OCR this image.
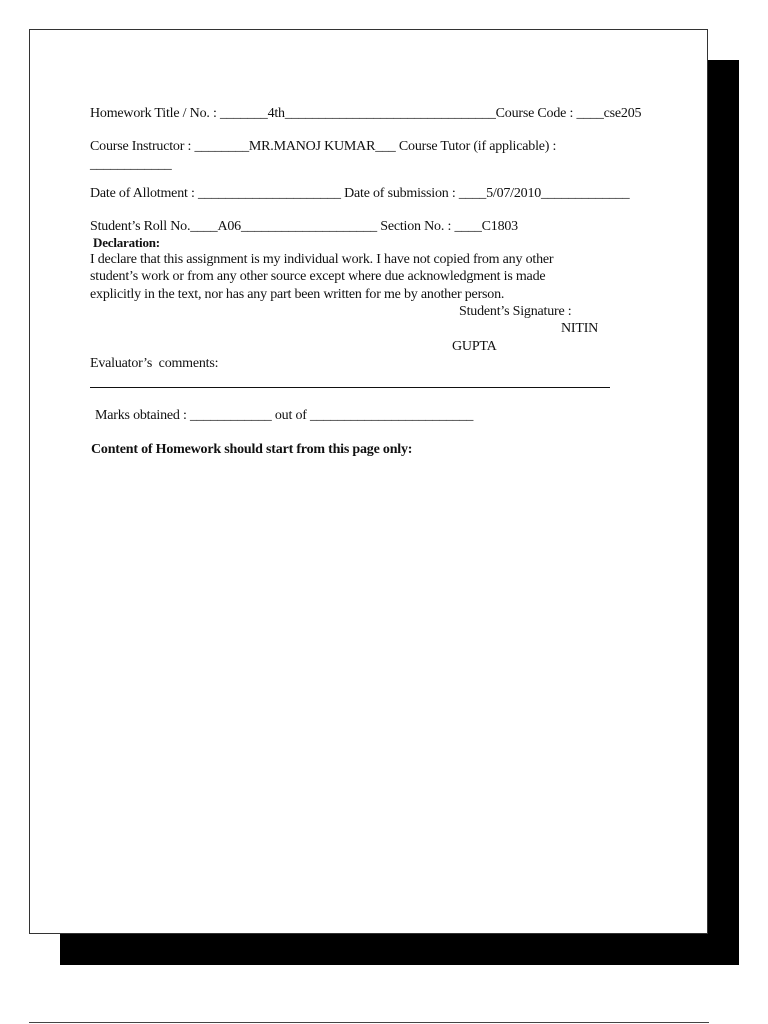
Homework Title / No. : _______4th_______________________________Course Code : ____cse205
Course Instructor : ________MR.MANOJ KUMAR___ Course Tutor (if applicable) :
____________
Date of Allotment : _____________________ Date of submission : ____5/07/2010_____________
Student’s Roll No.____A06____________________ Section No. : ____C1803
Declaration:
I declare that this assignment is my individual work. I have not copied from any other
student’s work or from any other source except where due acknowledgment is made
explicitly in the text, nor has any part been written for me by another person.
Student’s Signature :
NITIN
GUPTA
Evaluator’s  comments:
Marks obtained : ____________ out of ________________________
Content of Homework should start from this page only:
